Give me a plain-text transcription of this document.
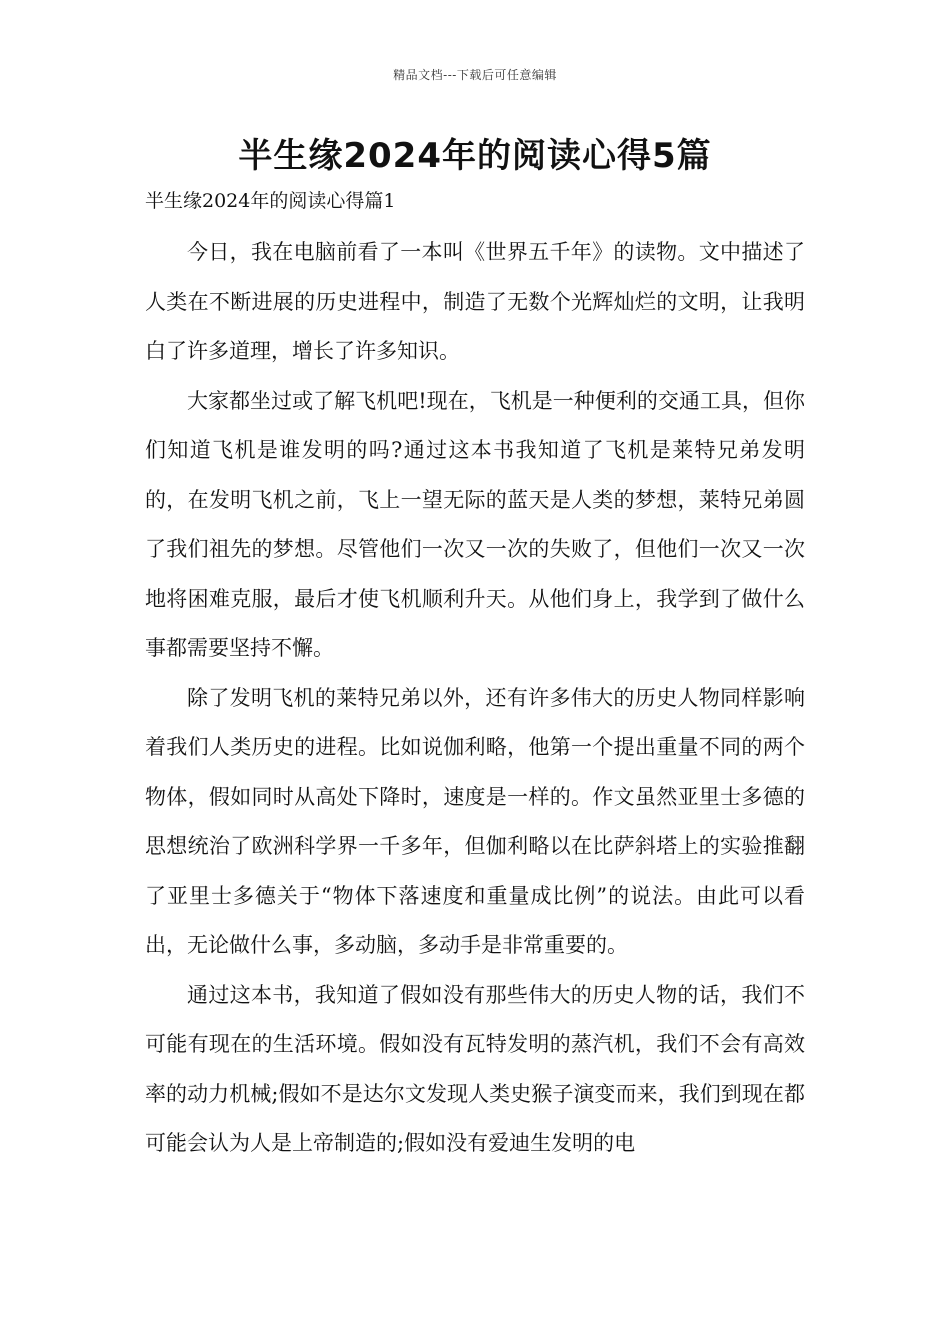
精品文档---下载后可任意编辑
半生缘2024年的阅读心得5篇
半生缘2024年的阅读心得篇1

今日，我在电脑前看了一本叫《世界五千年》的读物。文中描述了人类在不断进展的历史进程中，制造了无数个光辉灿烂的文明，让我明白了许多道理，增长了许多知识。

大家都坐过或了解飞机吧!现在，飞机是一种便利的交通工具，但你们知道飞机是谁发明的吗?通过这本书我知道了飞机是莱特兄弟发明的，在发明飞机之前，飞上一望无际的蓝天是人类的梦想，莱特兄弟圆了我们祖先的梦想。尽管他们一次又一次的失败了，但他们一次又一次地将困难克服，最后才使飞机顺利升天。从他们身上，我学到了做什么事都需要坚持不懈。

除了发明飞机的莱特兄弟以外，还有许多伟大的历史人物同样影响着我们人类历史的进程。比如说伽利略，他第一个提出重量不同的两个物体，假如同时从高处下降时，速度是一样的。作文虽然亚里士多德的思想统治了欧洲科学界一千多年，但伽利略以在比萨斜塔上的实验推翻了亚里士多德关于“物体下落速度和重量成比例”的说法。由此可以看出，无论做什么事，多动脑，多动手是非常重要的。

通过这本书，我知道了假如没有那些伟大的历史人物的话，我们不可能有现在的生活环境。假如没有瓦特发明的蒸汽机，我们不会有高效率的动力机械;假如不是达尔文发现人类史猴子演变而来，我们到现在都可能会认为人是上帝制造的;假如没有爱迪生发明的电
